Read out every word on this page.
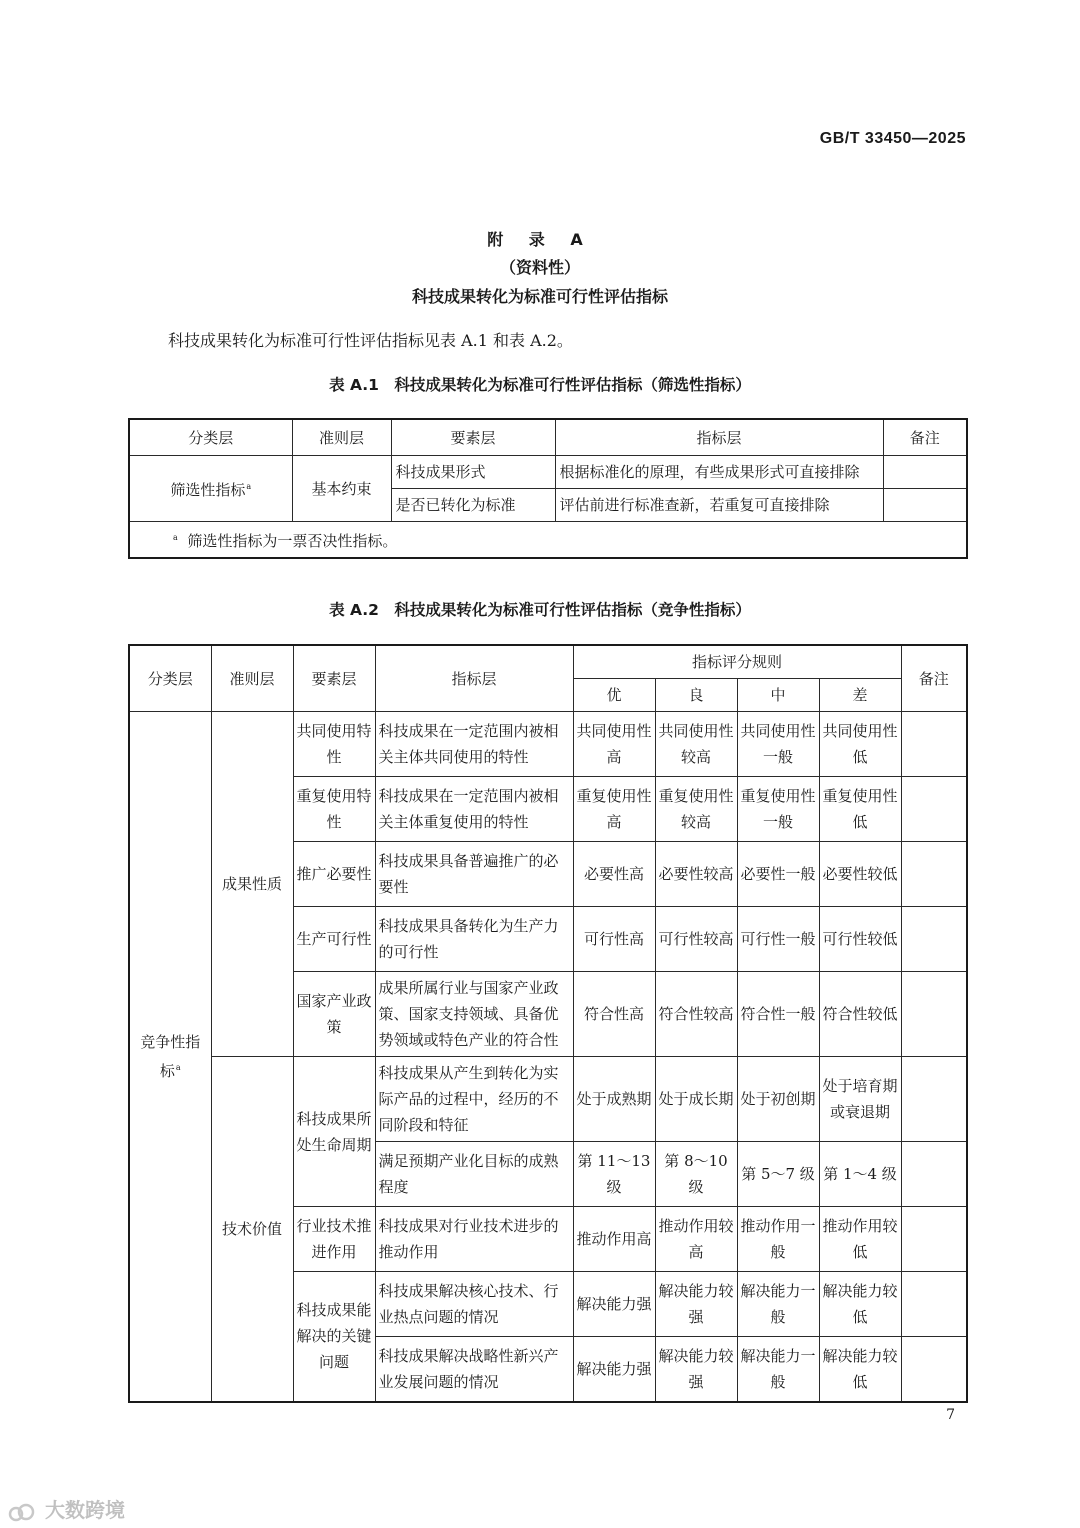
GB/T 33450—2025
附 录 A
（资料性）
科技成果转化为标准可行性评估指标
科技成果转化为标准可行性评估指标见表 A.1 和表 A.2。
表 A.1　科技成果转化为标准可行性评估指标（筛选性指标）
分类层	准则层	要素层	指标层	备注
筛选性指标$^a$	基本约束	科技成果形式	根据标准化的原理，有些成果形式可直接排除	
		是否已转化为标准	评估前进行标准查新，若重复可直接排除	
$^a$ 筛选性指标为一票否决性指标。				
表 A.2　科技成果转化为标准可行性评估指标（竞争性指标）
分类层	准则层	要素层	指标层	指标评分规则				备注
				优	良	中	差	
竞争性指标$^a$	成果性质	共同使用特性	科技成果在一定范围内被相关主体共同使用的特性	共同使用性高	共同使用性较高	共同使用性一般	共同使用性低	
		重复使用特性	科技成果在一定范围内被相关主体重复使用的特性	重复使用性高	重复使用性较高	重复使用性一般	重复使用性低	
		推广必要性	科技成果具备普遍推广的必要性	必要性高	必要性较高	必要性一般	必要性较低	
		生产可行性	科技成果具备转化为生产力的可行性	可行性高	可行性较高	可行性一般	可行性较低	
		国家产业政策	成果所属行业与国家产业政策、国家支持领域、具备优势领域或特色产业的符合性	符合性高	符合性较高	符合性一般	符合性较低	
	技术价值	科技成果所处生命周期	科技成果从产生到转化为实际产品的过程中，经历的不同阶段和特征	处于成熟期	处于成长期	处于初创期	处于培育期或衰退期	
			满足预期产业化目标的成熟程度	第 11～13 级	第 8～10 级	第 5～7 级	第 1～4 级	
		行业技术推进作用	科技成果对行业技术进步的推动作用	推动作用高	推动作用较高	推动作用一般	推动作用较低	
		科技成果能解决的关键问题	科技成果解决核心技术、行业热点问题的情况	解决能力强	解决能力较强	解决能力一般	解决能力较低	
			科技成果解决战略性新兴产业发展问题的情况	解决能力强	解决能力较强	解决能力一般	解决能力较低	
7
大数跨境
